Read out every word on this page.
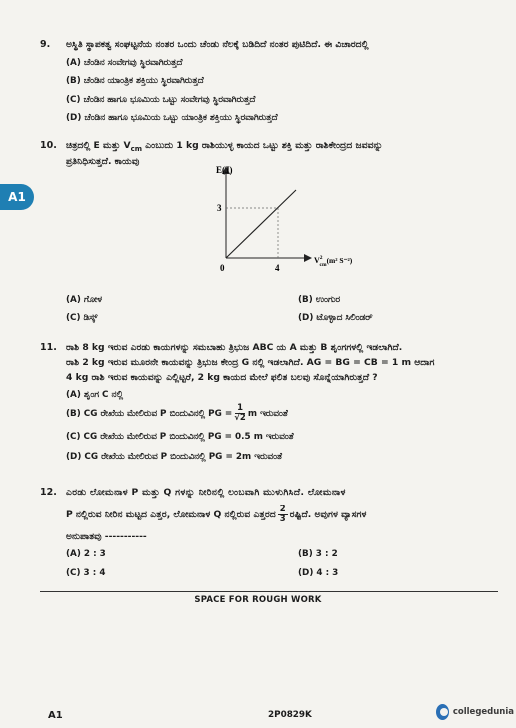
A1
9. ಅಸ್ಥಿತಿ ಸ್ಥಾಪಕತ್ವ ಸಂಘಟ್ಟನೆಯ ನಂತರ ಒಂದು ಚೆಂಡು ನೆಲಕ್ಕೆ ಬಡಿದಿದೆ ನಂತರ ಪುಟಿದಿದೆ. ಈ ವಿಚಾರದಲ್ಲಿ
(A) ಚೆಂಡಿನ ಸಂವೇಗವು ಸ್ಥಿರವಾಗಿರುತ್ತದೆ
(B) ಚೆಂಡಿನ ಯಾಂತ್ರಿಕ ಶಕ್ತಿಯು ಸ್ಥಿರವಾಗಿರುತ್ತದೆ
(C) ಚೆಂಡಿನ ಹಾಗೂ ಭೂಮಿಯ ಒಟ್ಟು ಸಂವೇಗವು ಸ್ಥಿರವಾಗಿರುತ್ತದೆ
(D) ಚೆಂಡಿನ ಹಾಗೂ ಭೂಮಿಯ ಒಟ್ಟು ಯಾಂತ್ರಿಕ ಶಕ್ತಿಯು ಸ್ಥಿರವಾಗಿರುತ್ತದೆ
10. ಚಿತ್ರದಲ್ಲಿ E ಮತ್ತು $V_{cm}$ ಎಂಬುದು 1 kg ರಾಶಿಯುಳ್ಳ ಕಾಯದ ಒಟ್ಟು ಶಕ್ತಿ ಮತ್ತು ರಾಶಿಕೇಂದ್ರದ ಜವವನ್ನು
ಪ್ರತಿನಿಧಿಸುತ್ತದೆ. ಕಾಯವು
E(J)
3
0	4
$V^2$ cm(m² S⁻²)
(A) ಗೋಳ	(B) ಉಂಗುರ
(C) ಡಿಸ್ಕ್	(D) ಟೊಳ್ಳಾದ ಸಿಲಿಂಡರ್
11. ರಾಶಿ 8 kg ಇರುವ ಎರಡು ಕಾಯಗಳನ್ನು ಸಮಬಾಹು ತ್ರಿಭುಜ ABC ಯ A ಮತ್ತು B ಶೃಂಗಗಳಲ್ಲಿ ಇಡಲಾಗಿದೆ.
ರಾಶಿ 2 kg ಇರುವ ಮೂರನೇ ಕಾಯವನ್ನು ತ್ರಿಭುಜ ಕೇಂದ್ರ G ನಲ್ಲಿ ಇಡಲಾಗಿದೆ. AG = BG = CB = 1 m ಆದಾಗ
4 kg ರಾಶಿ ಇರುವ ಕಾಯವನ್ನು ಎಲ್ಲಿಟ್ಟರೆ, 2 kg ಕಾಯದ ಮೇಲೆ ಫಲಿತ ಬಲವು ಸೊನ್ನೆಯಾಗಿರುತ್ತದೆ ?
(A) ಶೃಂಗ C ನಲ್ಲಿ
(B) CG ರೇಖೆಯ ಮೇಲಿರುವ P ಬಿಂದುವಿನಲ್ಲಿ PG = $\frac{1}{√2}$ m ಇರುವಂತೆ
(C) CG ರೇಖೆಯ ಮೇಲಿರುವ P ಬಿಂದುವಿನಲ್ಲಿ PG = 0.5 m ಇರುವಂತೆ
(D) CG ರೇಖೆಯ ಮೇಲಿರುವ P ಬಿಂದುವಿನಲ್ಲಿ PG = 2m ಇರುವಂತೆ
12. ಎರಡು ಲೋಮನಾಳ P ಮತ್ತು Q ಗಳನ್ನು ನೀರಿನಲ್ಲಿ ಲಂಬವಾಗಿ ಮುಳುಗಿಸಿದೆ. ಲೋಮನಾಳ
P ನಲ್ಲಿರುವ ನೀರಿನ ಮಟ್ಟದ ಎತ್ತರ, ಲೋಮನಾಳ Q ನಲ್ಲಿರುವ ಎತ್ತರದ $\frac{2}{3}$ ರಷ್ಟಿದೆ. ಅವುಗಳ ವ್ಯಾಸಗಳ
ಅನುಪಾತವು -----------
(A) 2 : 3	(B) 3 : 2
(C) 3 : 4	(D) 4 : 3
SPACE FOR ROUGH WORK
A1	2P0829K	collegedunia
